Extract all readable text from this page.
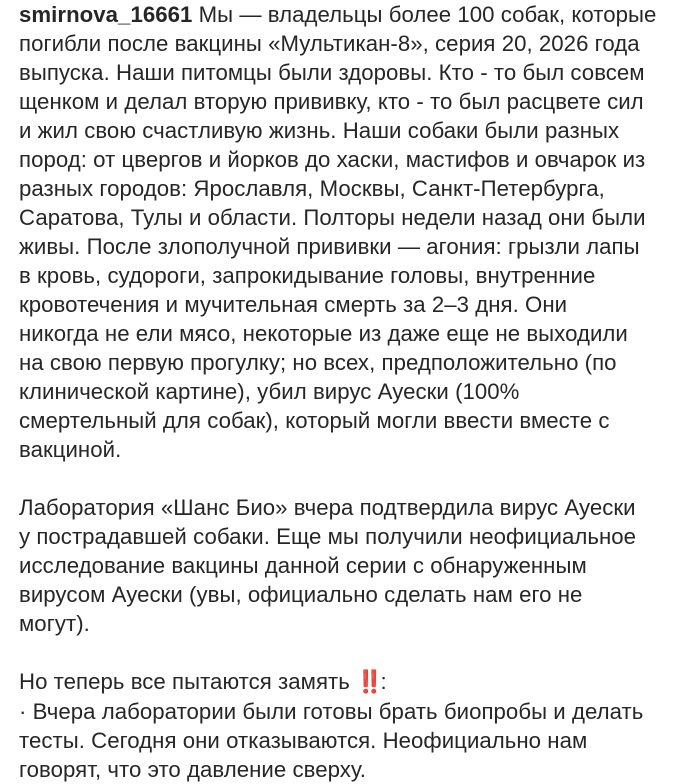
smirnova_16661 Мы — владельцы более 100 собак, которые
погибли после вакцины «Мультикан-8», серия 20, 2026 года
выпуска. Наши питомцы были здоровы. Кто - то был совсем
щенком и делал вторую прививку, кто - то был расцвете сил
и жил свою счастливую жизнь. Наши собаки были разных
пород: от цвергов и йорков до хаски, мастифов и овчарок из
разных городов: Ярославля, Москвы, Санкт-Петербурга,
Саратова, Тулы и области. Полторы недели назад они были
живы. После злополучной прививки — агония: грызли лапы
в кровь, судороги, запрокидывание головы, внутренние
кровотечения и мучительная смерть за 2–3 дня. Они
никогда не ели мясо, некоторые из даже еще не выходили
на свою первую прогулку; но всех, предположительно (по
клинической картине), убил вирус Ауески (100%
смертельный для собак), который могли ввести вместе с
вакциной.

Лаборатория «Шанс Био» вчера подтвердила вирус Ауески
у пострадавшей собаки. Еще мы получили неофициальное
исследование вакцины данной серии с обнаруженным
вирусом Ауески (увы, официально сделать нам его не
могут).

Но теперь все пытаются замять ‼️:
· Вчера лаборатории были готовы брать биопробы и делать
тесты. Сегодня они отказываются. Неофициально нам
говорят, что это давление сверху.
